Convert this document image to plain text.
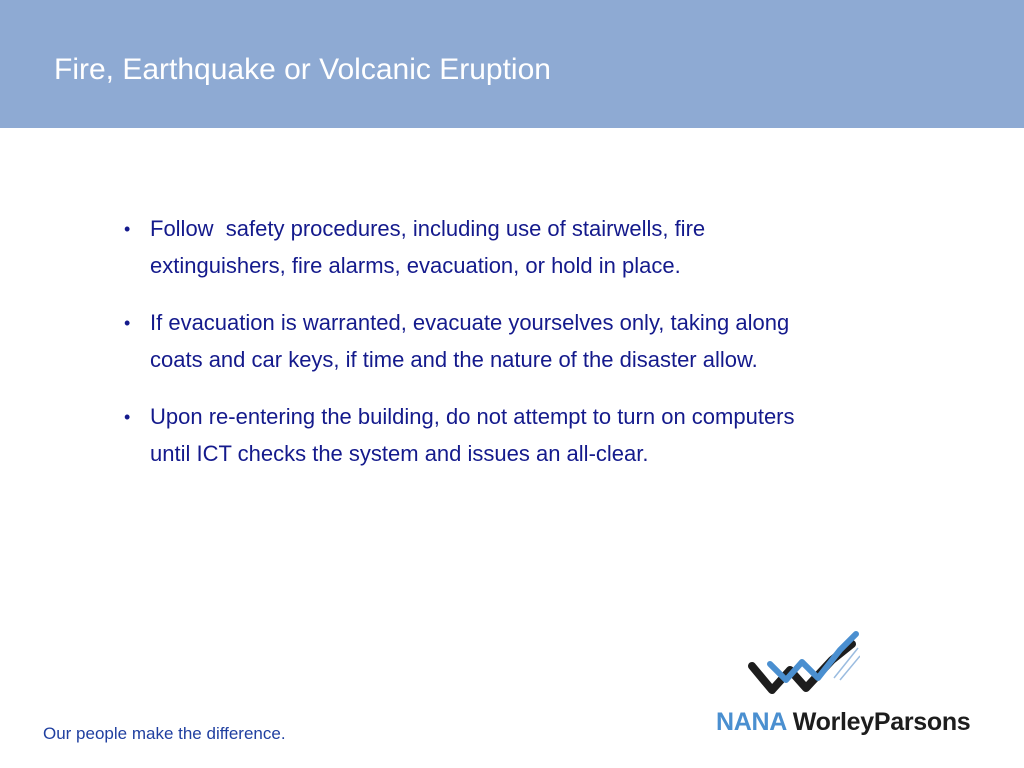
Fire, Earthquake or Volcanic Eruption
• Follow  safety procedures, including use of stairwells, fire extinguishers, fire alarms, evacuation, or hold in place.
• If evacuation is warranted, evacuate yourselves only, taking along coats and car keys, if time and the nature of the disaster allow.
• Upon re-entering the building, do not attempt to turn on computers until ICT checks the system and issues an all-clear.
Our people make the difference.	NANA WorleyParsons
